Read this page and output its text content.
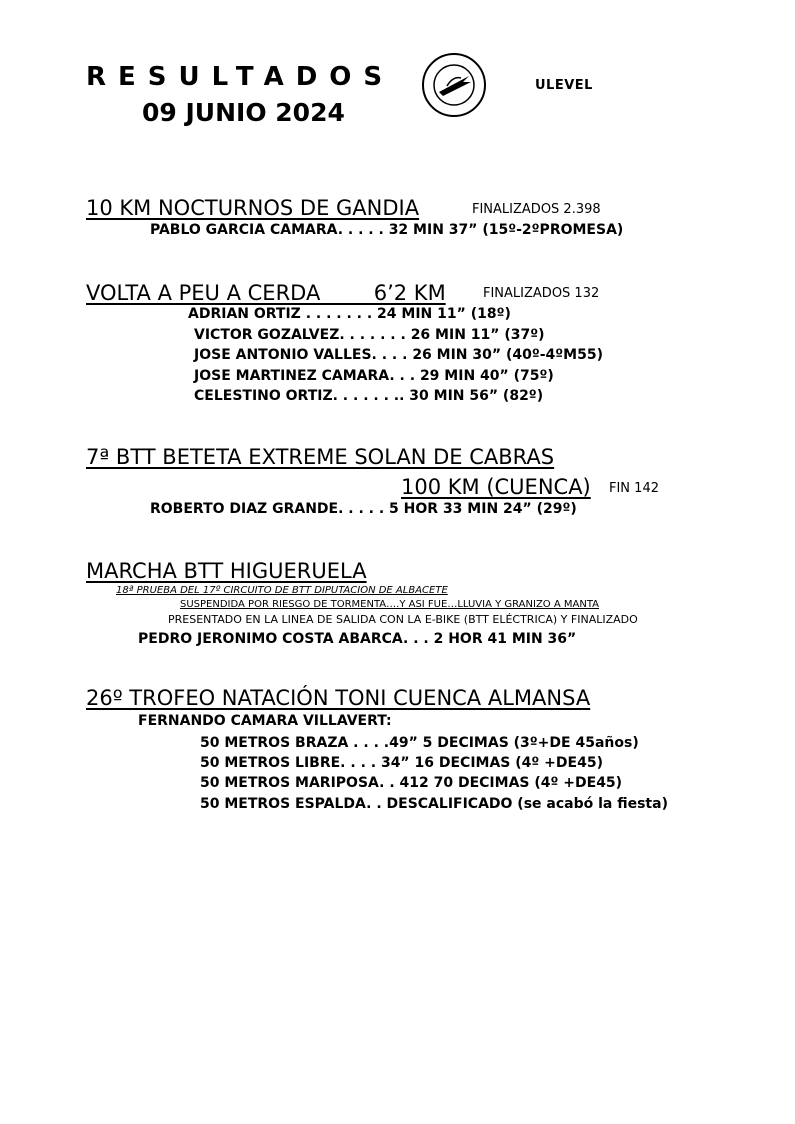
RESULTADOS
09 JUNIO 2024
ULEVEL
10 KM NOCTURNOS DE GANDIA	FINALIZADOS 2.398
PABLO GARCIA CAMARA. . . . . 32 MIN 37” (15º-2ºPROMESA)
VOLTA A PEU A CERDA        6’2 KM	FINALIZADOS 132
ADRIAN ORTIZ . . . . . . . 24 MIN 11” (18º)
VICTOR GOZALVEZ. . . . . . . 26 MIN 11” (37º)
JOSE ANTONIO VALLES. . . . 26 MIN 30” (40º-4ºM55)
JOSE MARTINEZ CAMARA. . . 29 MIN 40” (75º)
CELESTINO ORTIZ. . . . . . .. 30 MIN 56” (82º)
7ª BTT BETETA EXTREME SOLAN DE CABRAS
100 KM (CUENCA) FIN 142
ROBERTO DIAZ GRANDE. . . . . 5 HOR 33 MIN 24” (29º)
MARCHA BTT HIGUERUELA
18ª PRUEBA DEL 17º CIRCUITO DE BTT DIPUTACION DE ALBACETE
SUSPENDIDA POR RIESGO DE TORMENTA….Y ASI FUE…LLUVIA Y GRANIZO A MANTA
PRESENTADO EN LA LINEA DE SALIDA CON LA E-BIKE (BTT ELÉCTRICA) Y FINALIZADO
PEDRO JERONIMO COSTA ABARCA. . . 2 HOR 41 MIN 36”
26º TROFEO NATACIÓN TONI CUENCA ALMANSA
FERNANDO CAMARA VILLAVERT:
50 METROS BRAZA . . . .49” 5 DECIMAS (3º+DE 45años)
50 METROS LIBRE. . . . 34” 16 DECIMAS (4º +DE45)
50 METROS MARIPOSA. . 412 70 DECIMAS (4º +DE45)
50 METROS ESPALDA. . DESCALIFICADO (se acabó la fiesta)
